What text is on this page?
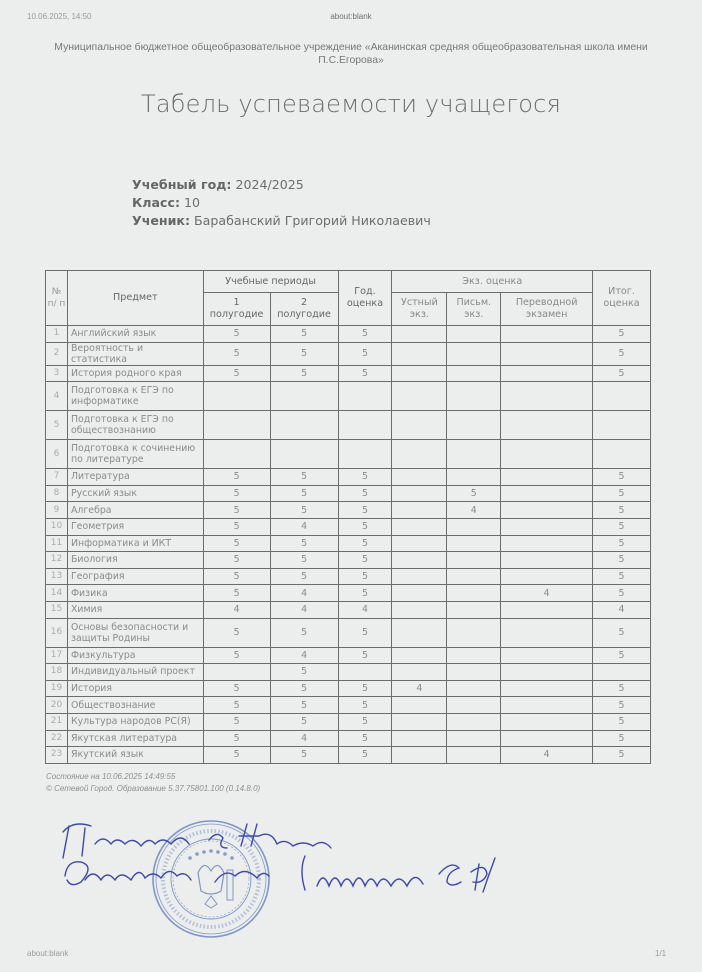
10.06.2025, 14:50	about:blank
Муниципальное бюджетное общеобразовательное учреждение «Аканинская средняя общеобразовательная школа имени П.С.Егорова»
Табель успеваемости учащегося
Учебный год: 2024/2025
Класс: 10
Ученик: Барабанский Григорий Николаевич
№ п/ п	Предмет	Учебные периоды		Год. оценка	Экз. оценка			Итог. оценка
		1 полугодие	2 полугодие		Устный экз.	Письм. экз.	Переводной экзамен	
1	Английский язык	5	5	5				5
2	Вероятность и статистика	5	5	5				5
3	История родного края	5	5	5				5
4	Подготовка к ЕГЭ по информатике							
5	Подготовка к ЕГЭ по обществознанию							
6	Подготовка к сочинению по литературе							
7	Литература	5	5	5				5
8	Русский язык	5	5	5		5		5
9	Алгебра	5	5	5		4		5
10	Геометрия	5	4	5				5
11	Информатика и ИКТ	5	5	5				5
12	Биология	5	5	5				5
13	География	5	5	5				5
14	Физика	5	4	5			4	5
15	Химия	4	4	4				4
16	Основы безопасности и защиты Родины	5	5	5				5
17	Физкультура	5	4	5				5
18	Индивидуальный проект		5					
19	История	5	5	5	4			5
20	Обществознание	5	5	5				5
21	Культура народов РС(Я)	5	5	5				5
22	Якутская литература	5	4	5				5
23	Якутский язык	5	5	5			4	5
Состояние на 10.06.2025 14:49:55
© Сетевой Город. Образование 5.37.75801.100 (0.14.8.0)
about:blank	1/1
